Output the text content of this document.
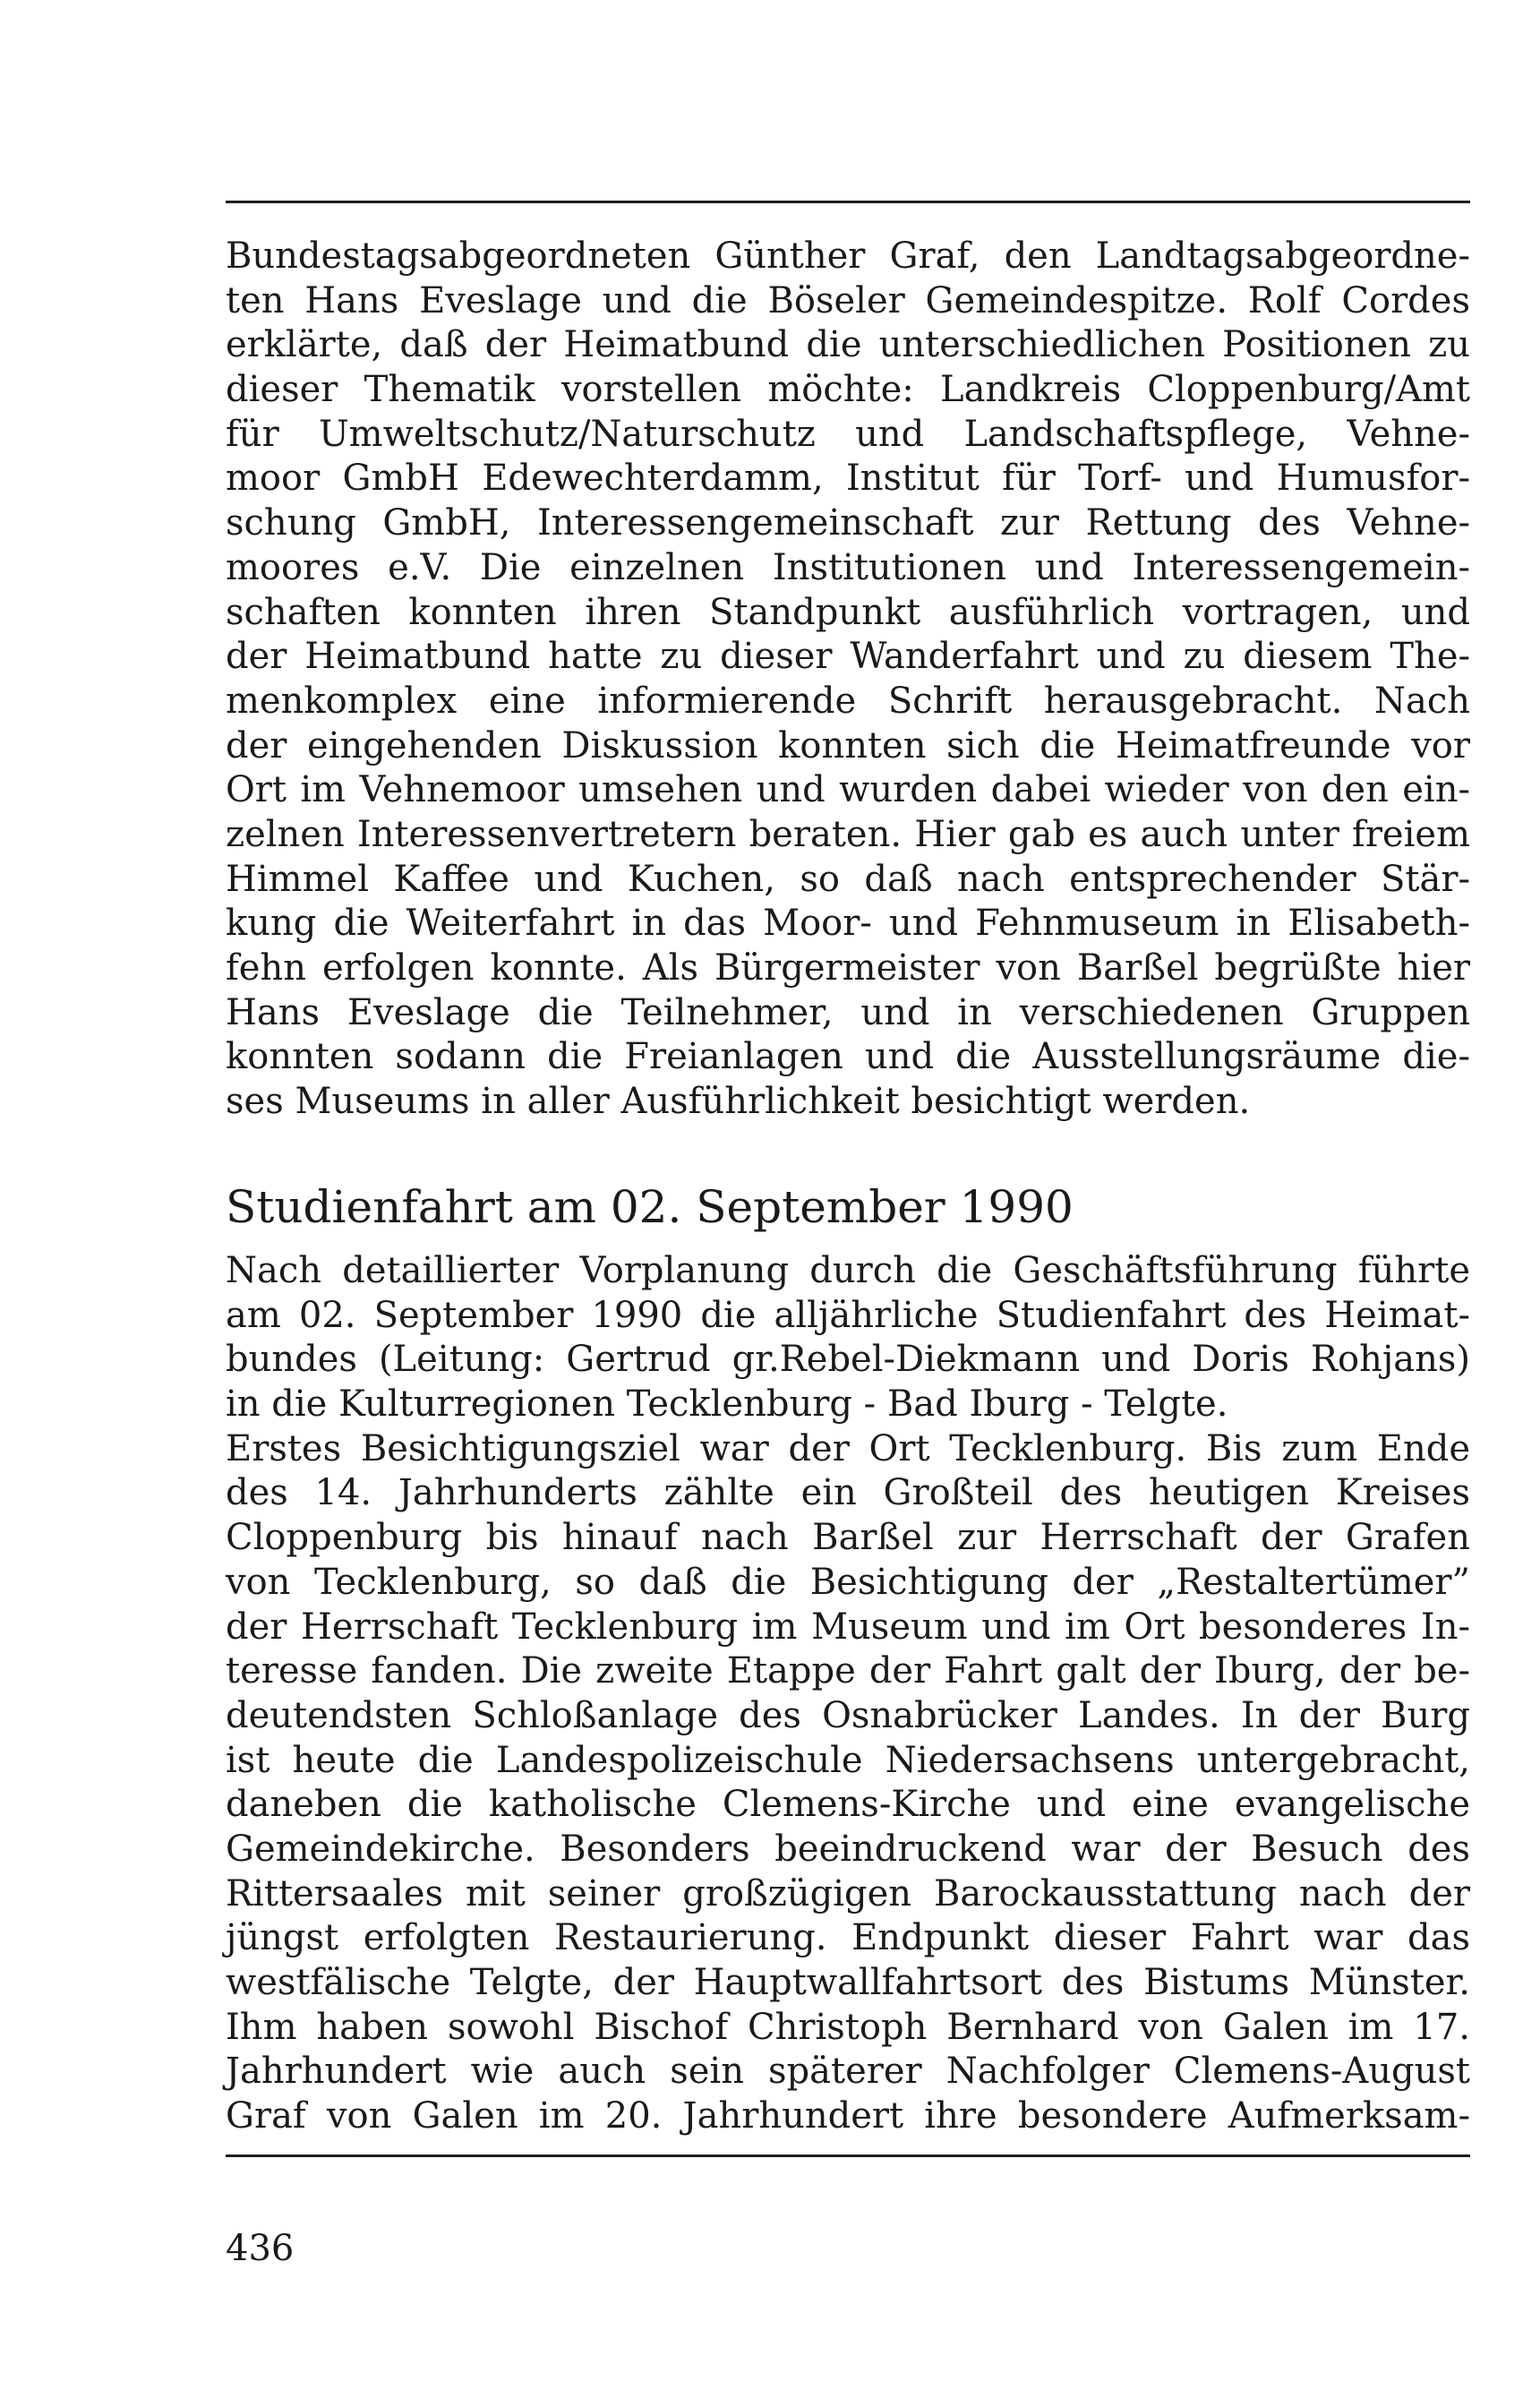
Bundestagsabgeordneten Günther Graf, den Landtagsabgeordne-
ten Hans Eveslage und die Böseler Gemeindespitze. Rolf Cordes
erklärte, daß der Heimatbund die unterschiedlichen Positionen zu
dieser Thematik vorstellen möchte: Landkreis Cloppenburg/Amt
für Umweltschutz/Naturschutz und Landschaftspflege, Vehne-
moor GmbH Edewechterdamm, Institut für Torf- und Humusfor-
schung GmbH, Interessengemeinschaft zur Rettung des Vehne-
moores e.V. Die einzelnen Institutionen und Interessengemein-
schaften konnten ihren Standpunkt ausführlich vortragen, und
der Heimatbund hatte zu dieser Wanderfahrt und zu diesem The-
menkomplex eine informierende Schrift herausgebracht. Nach
der eingehenden Diskussion konnten sich die Heimatfreunde vor
Ort im Vehnemoor umsehen und wurden dabei wieder von den ein-
zelnen Interessenvertretern beraten. Hier gab es auch unter freiem
Himmel Kaffee und Kuchen, so daß nach entsprechender Stär-
kung die Weiterfahrt in das Moor- und Fehnmuseum in Elisabeth-
fehn erfolgen konnte. Als Bürgermeister von Barßel begrüßte hier
Hans Eveslage die Teilnehmer, und in verschiedenen Gruppen
konnten sodann die Freianlagen und die Ausstellungsräume die-
ses Museums in aller Ausführlichkeit besichtigt werden.
Studienfahrt am 02. September 1990
Nach detaillierter Vorplanung durch die Geschäftsführung führte
am 02. September 1990 die alljährliche Studienfahrt des Heimat-
bundes (Leitung: Gertrud gr.Rebel-Diekmann und Doris Rohjans)
in die Kulturregionen Tecklenburg - Bad Iburg - Telgte.
Erstes Besichtigungsziel war der Ort Tecklenburg. Bis zum Ende
des 14. Jahrhunderts zählte ein Großteil des heutigen Kreises
Cloppenburg bis hinauf nach Barßel zur Herrschaft der Grafen
von Tecklenburg, so daß die Besichtigung der „Restaltertümer”
der Herrschaft Tecklenburg im Museum und im Ort besonderes In-
teresse fanden. Die zweite Etappe der Fahrt galt der Iburg, der be-
deutendsten Schloßanlage des Osnabrücker Landes. In der Burg
ist heute die Landespolizeischule Niedersachsens untergebracht,
daneben die katholische Clemens-Kirche und eine evangelische
Gemeindekirche. Besonders beeindruckend war der Besuch des
Rittersaales mit seiner großzügigen Barockausstattung nach der
jüngst erfolgten Restaurierung. Endpunkt dieser Fahrt war das
westfälische Telgte, der Hauptwallfahrtsort des Bistums Münster.
Ihm haben sowohl Bischof Christoph Bernhard von Galen im 17.
Jahrhundert wie auch sein späterer Nachfolger Clemens-August
Graf von Galen im 20. Jahrhundert ihre besondere Aufmerksam-
436
